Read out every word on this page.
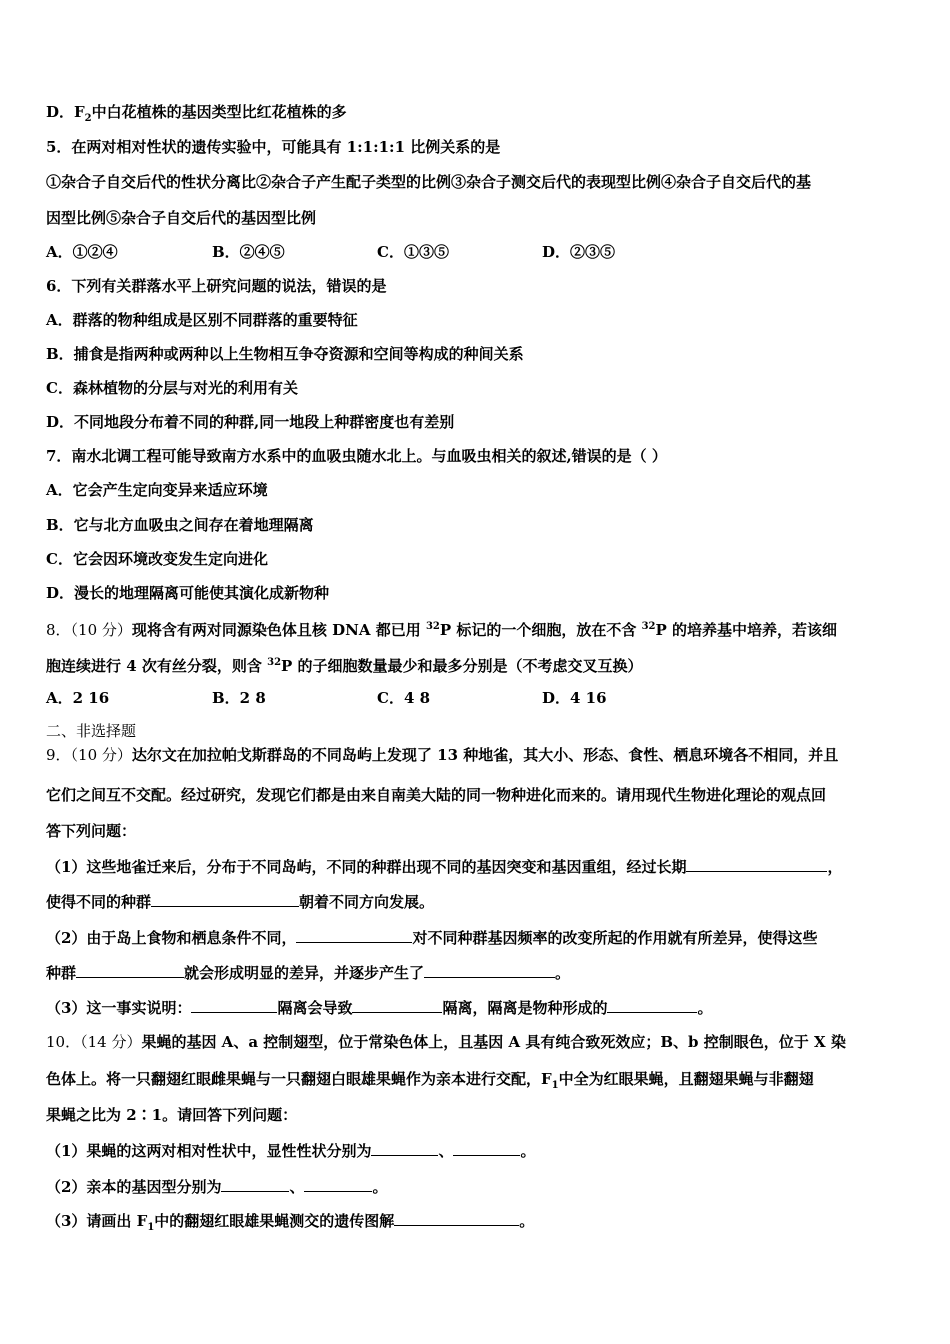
D．$F_2$中白花植株的基因类型比红花植株的多
5．在两对相对性状的遗传实验中，可能具有 1:1:1:1 比例关系的是
①杂合子自交后代的性状分离比②杂合子产生配子类型的比例③杂合子测交后代的表现型比例④杂合子自交后代的基
因型比例⑤杂合子自交后代的基因型比例
A．①②④	B．②④⑤	C．①③⑤	D．②③⑤
6．下列有关群落水平上研究问题的说法，错误的是
A．群落的物种组成是区别不同群落的重要特征
B．捕食是指两种或两种以上生物相互争夺资源和空间等构成的种间关系
C．森林植物的分层与对光的利用有关
D．不同地段分布着不同的种群,同一地段上种群密度也有差别
7．南水北调工程可能导致南方水系中的血吸虫随水北上。与血吸虫相关的叙述,错误的是（ ）
A．它会产生定向变异来适应环境
B．它与北方血吸虫之间存在着地理隔离
C．它会因环境改变发生定向进化
D．漫长的地理隔离可能使其演化成新物种
8．（10 分）现将含有两对同源染色体且核 DNA 都已用 $^{32}$P 标记的一个细胞，放在不含 $^{32}$P 的培养基中培养，若该细
胞连续进行 4 次有丝分裂，则含 $^{32}$P 的子细胞数量最少和最多分别是（不考虑交叉互换）
A．2 16	B．2 8	C．4 8	D．4 16
二、非选择题
9．（10 分）达尔文在加拉帕戈斯群岛的不同岛屿上发现了 13 种地雀，其大小、形态、食性、栖息环境各不相同，并且
它们之间互不交配。经过研究，发现它们都是由来自南美大陆的同一物种进化而来的。请用现代生物进化理论的观点回
答下列问题：
（1）这些地雀迁来后，分布于不同岛屿，不同的种群出现不同的基因突变和基因重组，经过长期	，
使得不同的种群	朝着不同方向发展。
（2）由于岛上食物和栖息条件不同，	对不同种群基因频率的改变所起的作用就有所差异，使得这些
种群	就会形成明显的差异，并逐步产生了	。
（3）这一事实说明：	隔离会导致	隔离，隔离是物种形成的	。
10．（14 分）果蝇的基因 A、a 控制翅型，位于常染色体上，且基因 A 具有纯合致死效应；B、b 控制眼色，位于 X 染
色体上。将一只翻翅红眼雌果蝇与一只翻翅白眼雄果蝇作为亲本进行交配，$F_1$中全为红眼果蝇，且翻翅果蝇与非翻翅
果蝇之比为 2∶1。请回答下列问题：
（1）果蝇的这两对相对性状中，显性性状分别为	、	。
（2）亲本的基因型分别为	、	。
（3）请画出 $F_1$中的翻翅红眼雄果蝇测交的遗传图解	。
